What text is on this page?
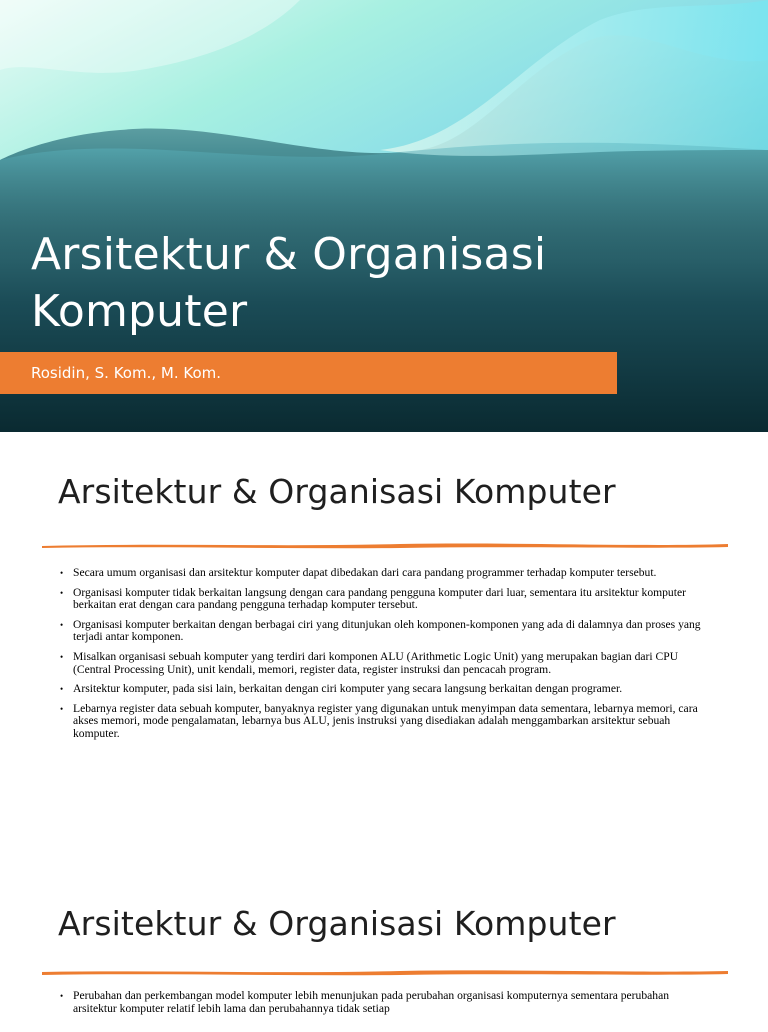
Arsitektur & Organisasi
Komputer
Rosidin, S. Kom., M. Kom.
Arsitektur & Organisasi Komputer
• Secara umum organisasi dan arsitektur komputer dapat dibedakan dari cara pandang programmer terhadap komputer tersebut.
• Organisasi komputer tidak berkaitan langsung dengan cara pandang pengguna komputer dari luar, sementara itu arsitektur komputer berkaitan erat dengan cara pandang pengguna terhadap komputer tersebut.
• Organisasi komputer berkaitan dengan berbagai ciri yang ditunjukan oleh komponen-komponen yang ada di dalamnya dan proses yang terjadi antar komponen.
• Misalkan organisasi sebuah komputer yang terdiri dari komponen ALU (Arithmetic Logic Unit) yang merupakan bagian dari CPU (Central Processing Unit), unit kendali, memori, register data, register instruksi dan pencacah program.
• Arsitektur komputer, pada sisi lain, berkaitan dengan ciri komputer yang secara langsung berkaitan dengan programer.
• Lebarnya register data sebuah komputer, banyaknya register yang digunakan untuk menyimpan data sementara, lebarnya memori, cara akses memori, mode pengalamatan, lebarnya bus ALU, jenis instruksi yang disediakan adalah menggambarkan arsitektur sebuah komputer.
Arsitektur & Organisasi Komputer
• Perubahan dan perkembangan model komputer lebih menunjukan pada perubahan organisasi komputernya sementara perubahan arsitektur komputer relatif lebih lama dan perubahannya tidak setiap
